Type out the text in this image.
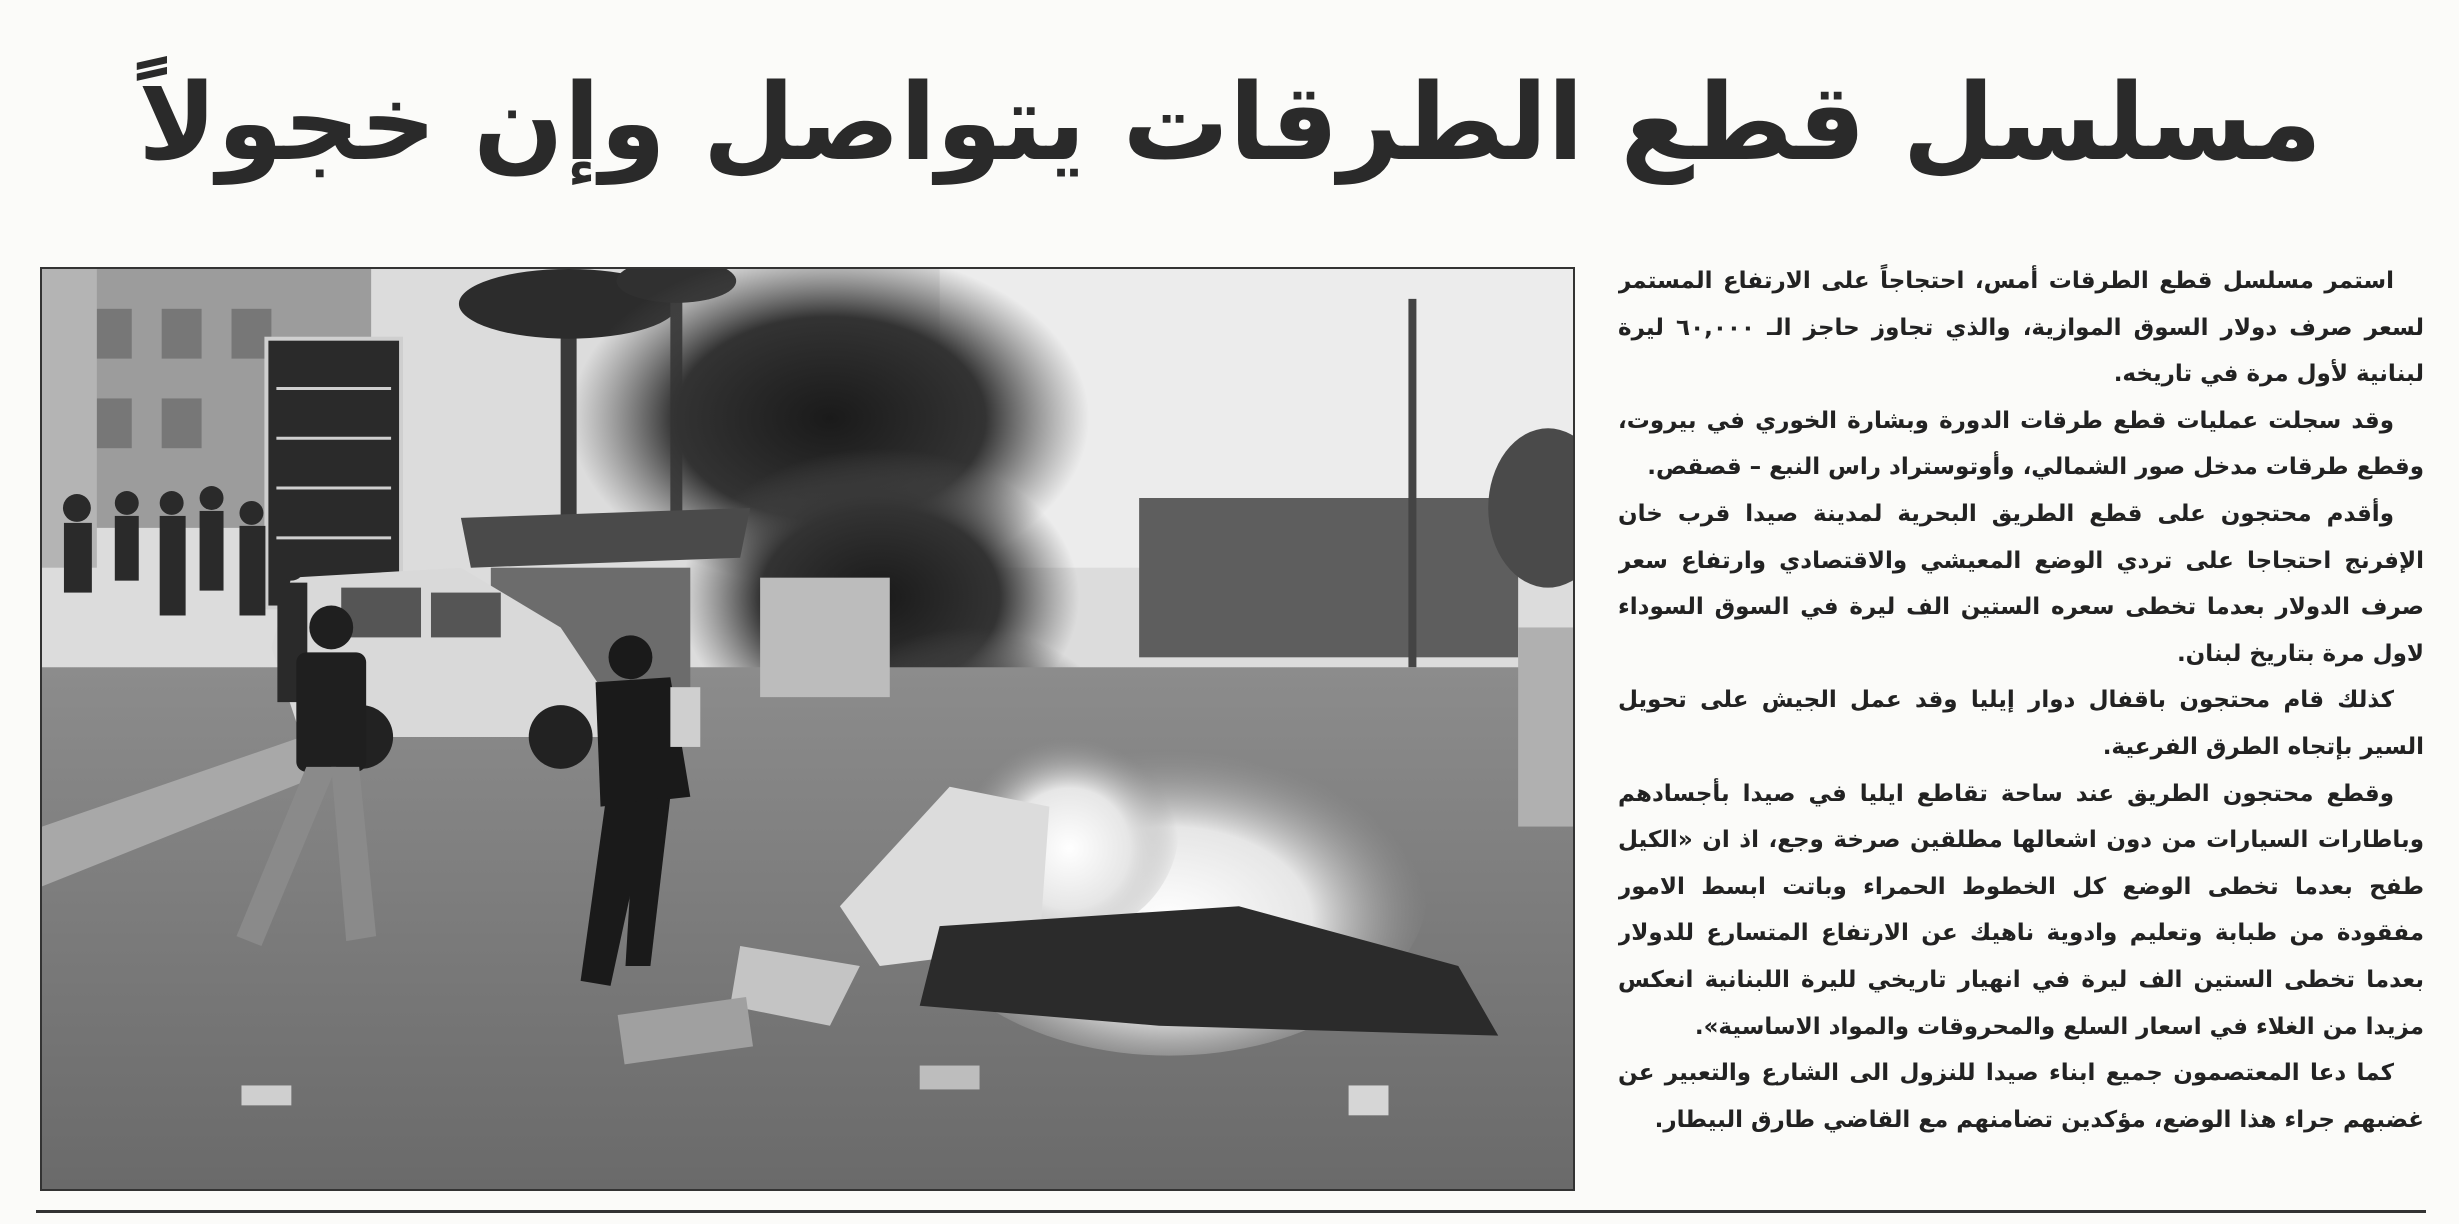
مسلسل قطع الطرقات يتواصل وإن خجولاً

استمر مسلسل قطع الطرقات أمس، احتجاجاً على الارتفاع المستمر لسعر صرف دولار السوق الموازية، والذي تجاوز حاجز الـ ٦٠,٠٠٠ ليرة لبنانية لأول مرة في تاريخه.

وقد سجلت عمليات قطع طرقات الدورة وبشارة الخوري في بيروت، وقطع طرقات مدخل صور الشمالي، وأوتوستراد راس النبع – قصقص.

وأقدم محتجون على قطع الطريق البحرية لمدينة صيدا قرب خان الإفرنج احتجاجا على تردي الوضع المعيشي والاقتصادي وارتفاع سعر صرف الدولار بعدما تخطى سعره الستين الف ليرة في السوق السوداء لاول مرة بتاريخ لبنان.

كذلك قام محتجون باقفال دوار إيليا وقد عمل الجيش على تحويل السير بإتجاه الطرق الفرعية.

وقطع محتجون الطريق عند ساحة تقاطع ايليا في صيدا بأجسادهم وباطارات السيارات من دون اشعالها مطلقين صرخة وجع، اذ ان «الكيل طفح بعدما تخطى الوضع كل الخطوط الحمراء وباتت ابسط الامور مفقودة من طبابة وتعليم وادوية ناهيك عن الارتفاع المتسارع للدولار بعدما تخطى الستين الف ليرة في انهيار تاريخي لليرة اللبنانية انعكس مزيدا من الغلاء في اسعار السلع والمحروقات والمواد الاساسية».

كما دعا المعتصمون جميع ابناء صيدا للنزول الى الشارع والتعبير عن غضبهم جراء هذا الوضع، مؤكدين تضامنهم مع القاضي طارق البيطار.
